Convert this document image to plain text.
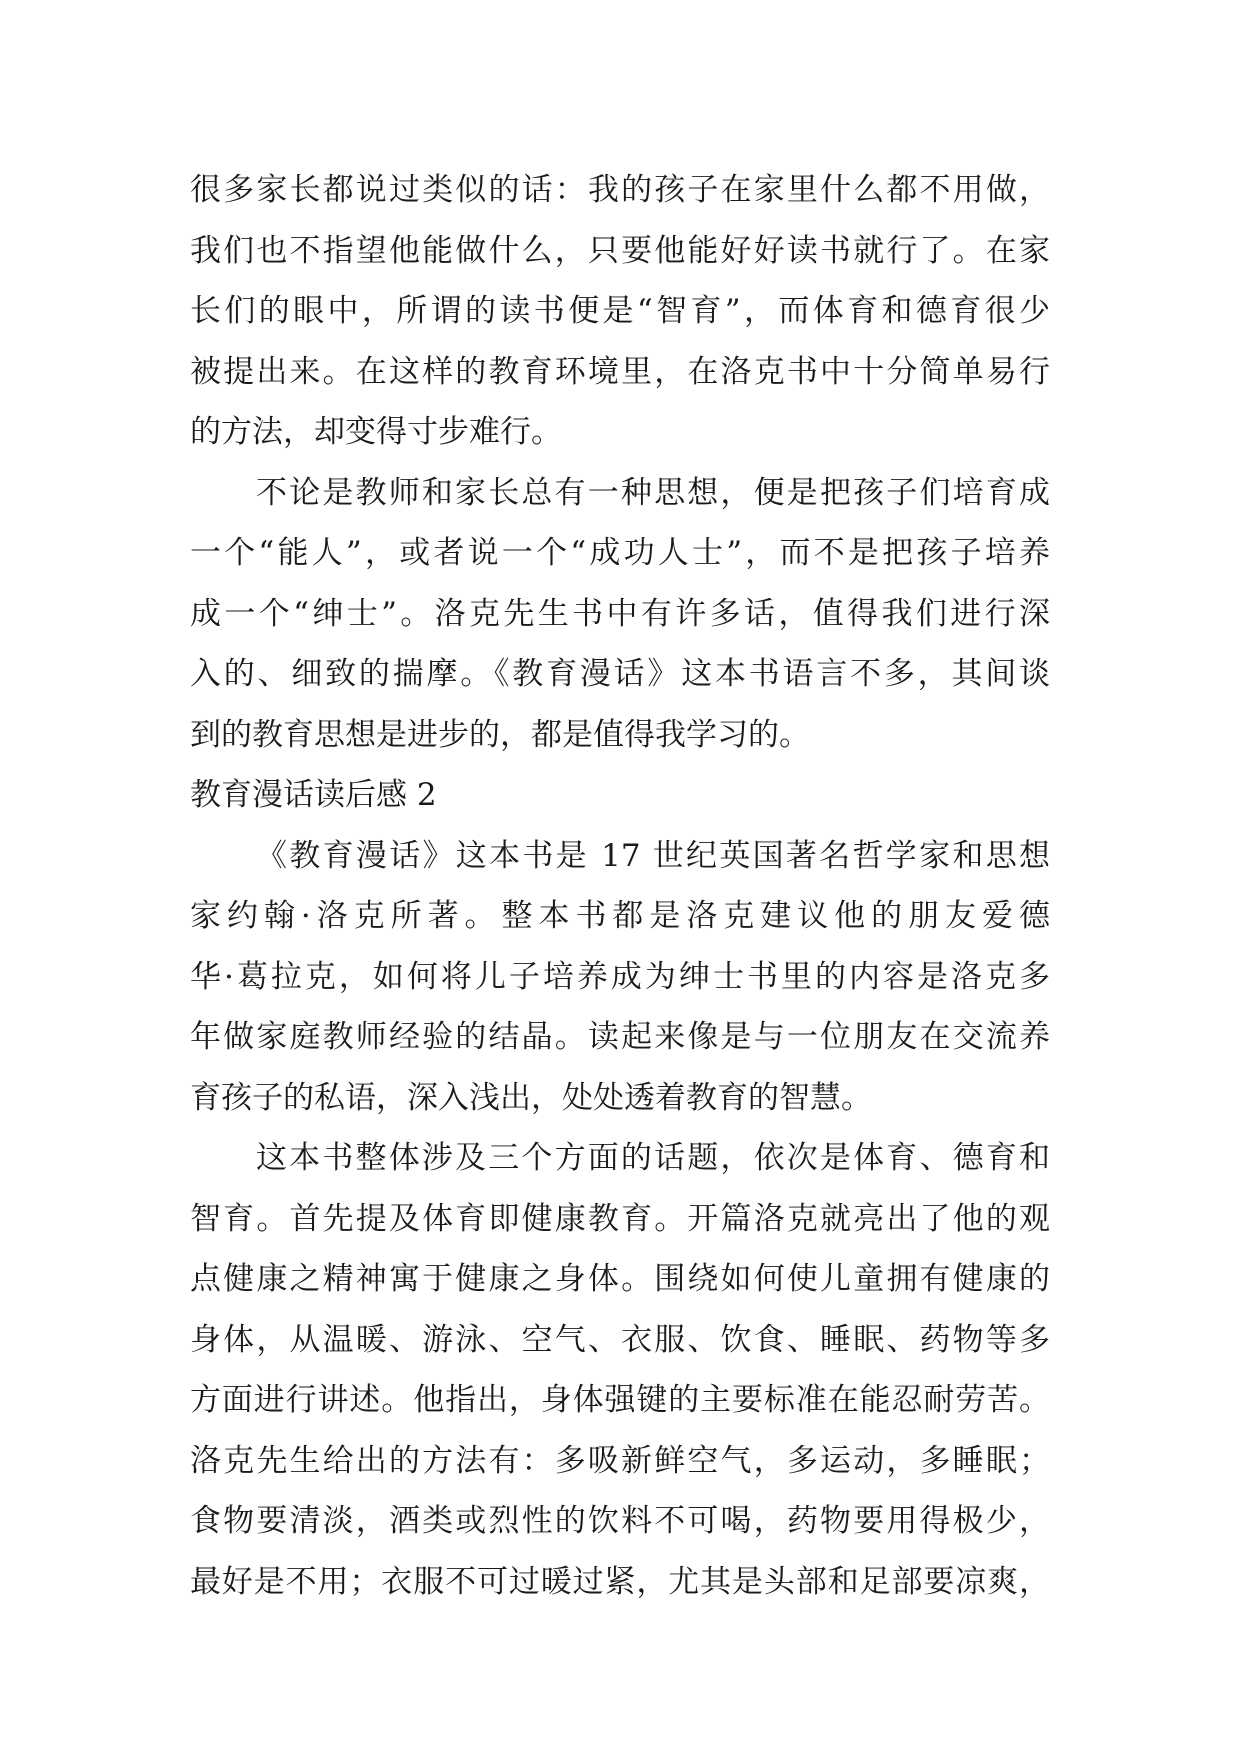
很多家长都说过类似的话：我的孩子在家里什么都不用做，
我们也不指望他能做什么，只要他能好好读书就行了。在家
长们的眼中，所谓的读书便是“智育”，而体育和德育很少
被提出来。在这样的教育环境里，在洛克书中十分简单易行
的方法，却变得寸步难行。
不论是教师和家长总有一种思想，便是把孩子们培育成
一个“能人”，或者说一个“成功人士”，而不是把孩子培养
成一个“绅士”。洛克先生书中有许多话，值得我们进行深
入的、细致的揣摩。《教育漫话》这本书语言不多，其间谈
到的教育思想是进步的，都是值得我学习的。
教育漫话读后感 2
《教育漫话》这本书是 17 世纪英国著名哲学家和思想
家约翰·洛克所著。整本书都是洛克建议他的朋友爱德
华·葛拉克，如何将儿子培养成为绅士书里的内容是洛克多
年做家庭教师经验的结晶。读起来像是与一位朋友在交流养
育孩子的私语，深入浅出，处处透着教育的智慧。
这本书整体涉及三个方面的话题，依次是体育、德育和
智育。首先提及体育即健康教育。开篇洛克就亮出了他的观
点健康之精神寓于健康之身体。围绕如何使儿童拥有健康的
身体，从温暖、游泳、空气、衣服、饮食、睡眠、药物等多
方面进行讲述。他指出，身体强键的主要标准在能忍耐劳苦。
洛克先生给出的方法有：多吸新鲜空气，多运动，多睡眠；
食物要清淡，酒类或烈性的饮料不可喝，药物要用得极少，
最好是不用；衣服不可过暖过紧，尤其是头部和足部要凉爽，
